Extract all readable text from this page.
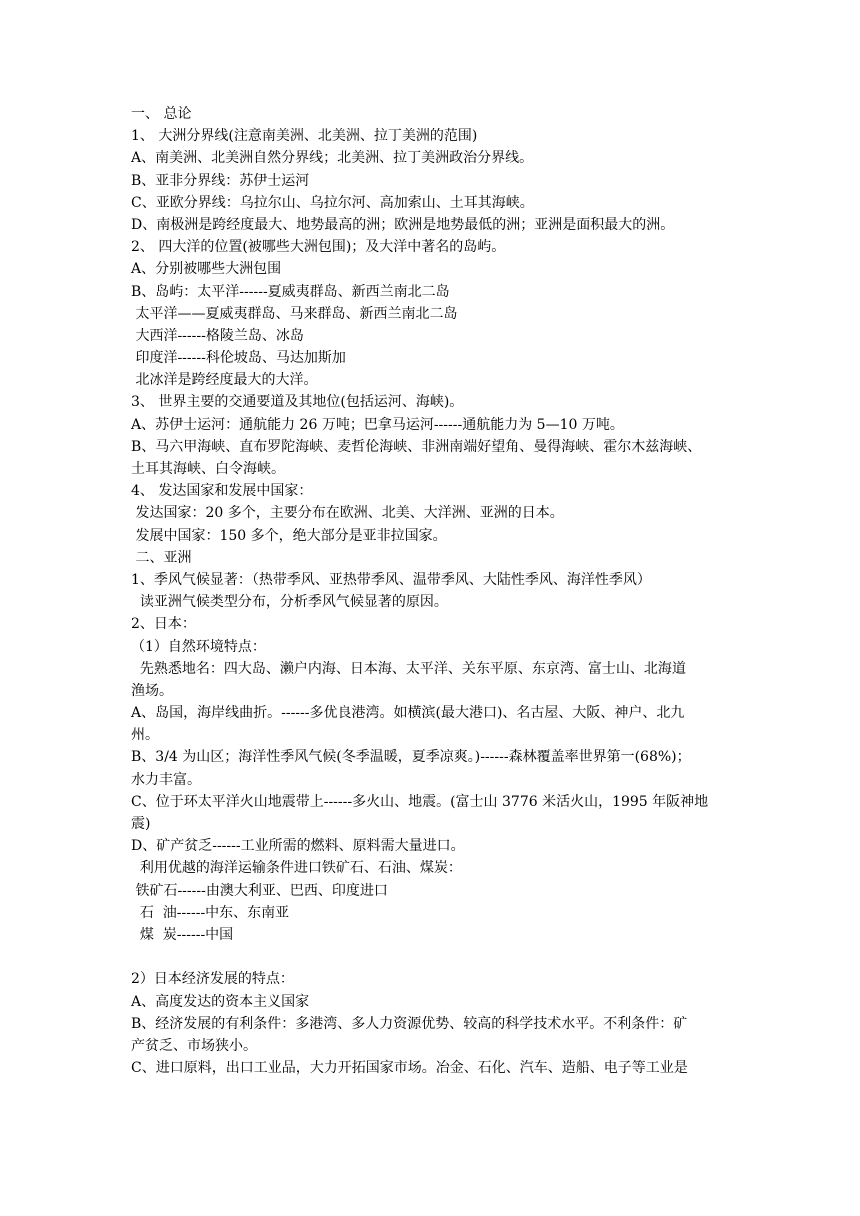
一、 总论
1、 大洲分界线(注意南美洲、北美洲、拉丁美洲的范围)
A、南美洲、北美洲自然分界线；北美洲、拉丁美洲政治分界线。
B、亚非分界线：苏伊士运河
C、亚欧分界线：乌拉尔山、乌拉尔河、高加索山、土耳其海峡。
D、南极洲是跨经度最大、地势最高的洲；欧洲是地势最低的洲；亚洲是面积最大的洲。
2、 四大洋的位置(被哪些大洲包围)；及大洋中著名的岛屿。
A、分别被哪些大洲包围
B、岛屿：太平洋------夏威夷群岛、新西兰南北二岛
太平洋——夏威夷群岛、马来群岛、新西兰南北二岛
大西洋------格陵兰岛、冰岛
印度洋------科伦坡岛、马达加斯加
北冰洋是跨经度最大的大洋。
3、 世界主要的交通要道及其地位(包括运河、海峡)。
A、苏伊士运河：通航能力 26 万吨；巴拿马运河------通航能力为 5—10 万吨。
B、马六甲海峡、直布罗陀海峡、麦哲伦海峡、非洲南端好望角、曼得海峡、霍尔木兹海峡、
土耳其海峡、白令海峡。
4、 发达国家和发展中国家：
发达国家：20 多个，主要分布在欧洲、北美、大洋洲、亚洲的日本。
发展中国家：150 多个，绝大部分是亚非拉国家。
二、亚洲
1、季风气候显著：（热带季风、亚热带季风、温带季风、大陆性季风、海洋性季风）
读亚洲气候类型分布，分析季风气候显著的原因。
2、日本：
（1）自然环境特点：
先熟悉地名：四大岛、濑户内海、日本海、太平洋、关东平原、东京湾、富士山、北海道
渔场。
A、岛国，海岸线曲折。------多优良港湾。如横滨(最大港口)、名古屋、大阪、神户、北九
州。
B、3/4 为山区；海洋性季风气候(冬季温暖，夏季凉爽。)------森林覆盖率世界第一(68%)；
水力丰富。
C、位于环太平洋火山地震带上------多火山、地震。(富士山 3776 米活火山，1995 年阪神地
震)
D、矿产贫乏------工业所需的燃料、原料需大量进口。
利用优越的海洋运输条件进口铁矿石、石油、煤炭：
铁矿石------由澳大利亚、巴西、印度进口
石  油------中东、东南亚
煤  炭------中国
2）日本经济发展的特点：
A、高度发达的资本主义国家
B、经济发展的有利条件：多港湾、多人力资源优势、较高的科学技术水平。不利条件：矿
产贫乏、市场狭小。
C、进口原料，出口工业品，大力开拓国家市场。冶金、石化、汽车、造船、电子等工业是
